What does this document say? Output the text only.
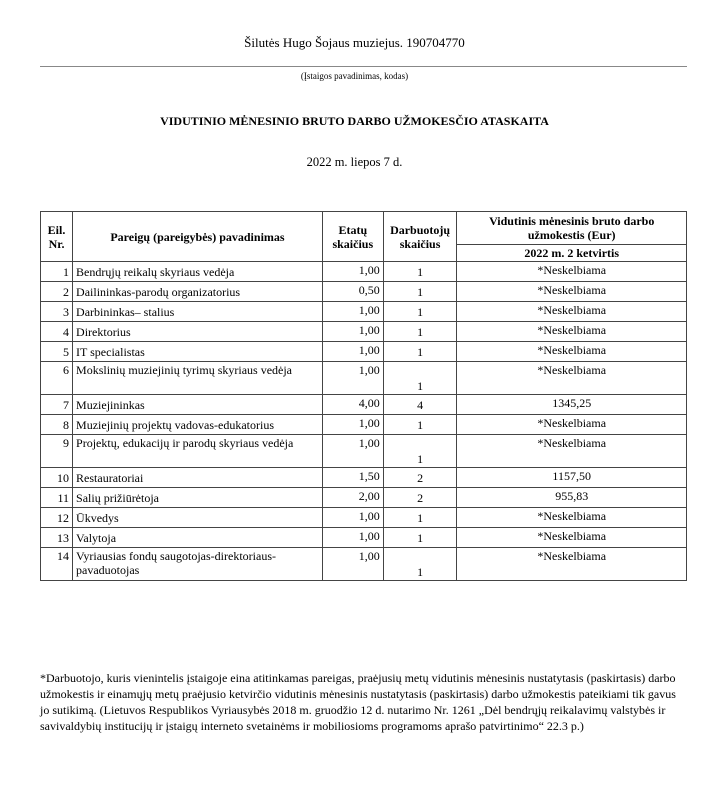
Šilutės Hugo Šojaus muziejus. 190704770
(Įstaigos pavadinimas, kodas)
VIDUTINIO MĖNESINIO BRUTO DARBO UŽMOKESČIO ATASKAITA
2022 m. liepos 7 d.
Eil. Nr.	Pareigų (pareigybės) pavadinimas	Etatų skaičius	Darbuotojų skaičius	Vidutinis mėnesinis bruto darbo užmokestis (Eur)
				2022 m. 2 ketvirtis
1	Bendrųjų reikalų skyriaus vedėja	1,00	1	*Neskelbiama
2	Dailininkas-parodų organizatorius	0,50	1	*Neskelbiama
3	Darbininkas– stalius	1,00	1	*Neskelbiama
4	Direktorius	1,00	1	*Neskelbiama
5	IT specialistas	1,00	1	*Neskelbiama
6	Mokslinių muziejinių tyrimų skyriaus vedėja	1,00	1	*Neskelbiama
7	Muziejininkas	4,00	4	1345,25
8	Muziejinių projektų vadovas-edukatorius	1,00	1	*Neskelbiama
9	Projektų, edukacijų ir parodų skyriaus vedėja	1,00	1	*Neskelbiama
10	Restauratoriai	1,50	2	1157,50
11	Salių prižiūrėtoja	2,00	2	955,83
12	Ūkvedys	1,00	1	*Neskelbiama
13	Valytoja	1,00	1	*Neskelbiama
14	Vyriausias fondų saugotojas-direktoriaus-pavaduotojas	1,00	1	*Neskelbiama
*Darbuotojo, kuris vienintelis įstaigoje eina atitinkamas pareigas, praėjusių metų vidutinis mėnesinis nustatytasis (paskirtasis) darbo užmokestis ir einamųjų metų praėjusio ketvirčio vidutinis mėnesinis nustatytasis (paskirtasis) darbo užmokestis pateikiami tik gavus jo sutikimą. (Lietuvos Respublikos Vyriausybės 2018 m. gruodžio 12 d. nutarimo Nr. 1261 „Dėl bendrųjų reikalavimų valstybės ir savivaldybių institucijų ir įstaigų interneto svetainėms ir mobiliosioms programoms aprašo patvirtinimo“ 22.3 p.)
